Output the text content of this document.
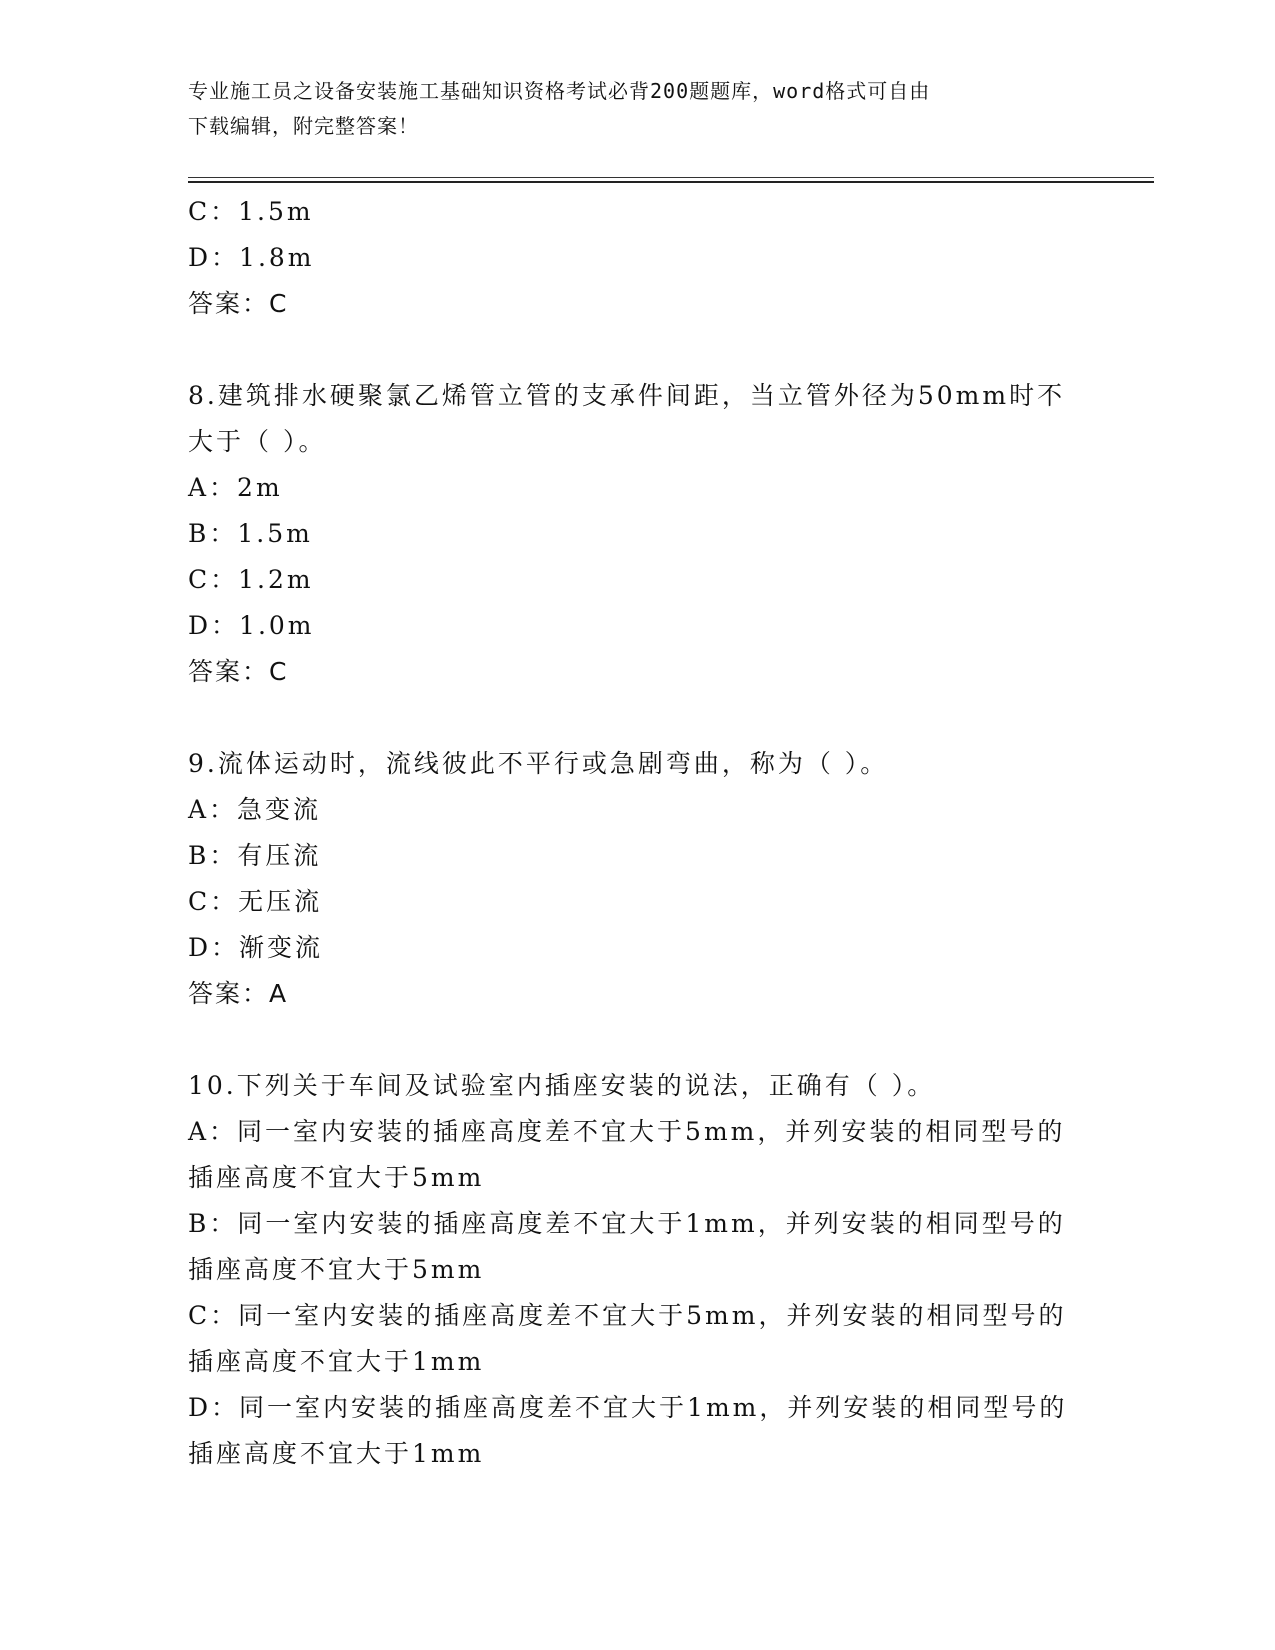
专业施工员之设备安装施工基础知识资格考试必背200题题库，word格式可自由
下载编辑，附完整答案！
C：1.5m
D：1.8m
答案：C
8.建筑排水硬聚氯乙烯管立管的支承件间距，当立管外径为50mm时不
大于（ ）。
A：2m
B：1.5m
C：1.2m
D：1.0m
答案：C
9.流体运动时，流线彼此不平行或急剧弯曲，称为（ ）。
A：急变流
B：有压流
C：无压流
D：渐变流
答案：A
10.下列关于车间及试验室内插座安装的说法，正确有（ ）。
A：同一室内安装的插座高度差不宜大于5mm，并列安装的相同型号的
插座高度不宜大于5mm
B：同一室内安装的插座高度差不宜大于1mm，并列安装的相同型号的
插座高度不宜大于5mm
C：同一室内安装的插座高度差不宜大于5mm，并列安装的相同型号的
插座高度不宜大于1mm
D：同一室内安装的插座高度差不宜大于1mm，并列安装的相同型号的
插座高度不宜大于1mm
